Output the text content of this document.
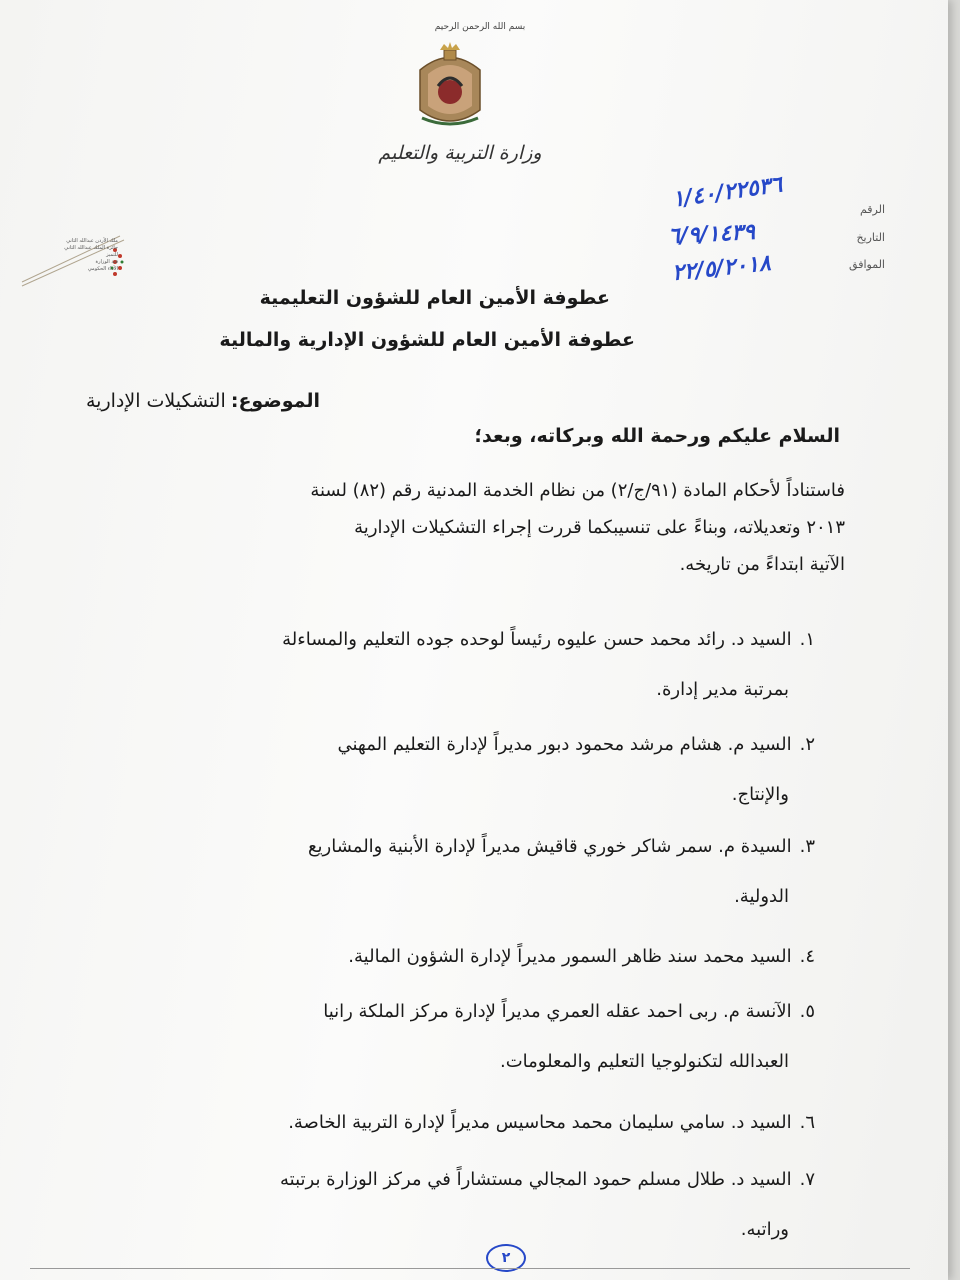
بسم الله الرحمن الرحيم
وزارة التربية والتعليم
الرقم
التاريخ
الموافق
١/٤٠/٢٢٥٣٦
٦/٩/١٤٣٩
٢٢/٥/٢٠١٨
ملك الأردن عبدالله الثاني
جائزة الملك عبدالله الثاني
للتميز
فئة الوزارة
الأداء الحكومي
عطوفة الأمين العام للشؤون التعليمية
عطوفة الأمين العام للشؤون الإدارية والمالية
الموضوع: التشكيلات الإدارية
السلام عليكم ورحمة الله وبركاته، وبعد؛
فاستناداً لأحكام المادة (٩١/ج/٢) من نظام الخدمة المدنية رقم (٨٢) لسنة
٢٠١٣ وتعديلاته، وبناءً على تنسيبكما قررت إجراء التشكيلات الإدارية
الآتية ابتداءً من تاريخه.
١.السيد د. رائد محمد حسن عليوه رئيساً لوحده جوده التعليم والمساءلة
بمرتبة مدير إدارة.
٢.السيد م. هشام مرشد محمود دبور مديراً لإدارة التعليم المهني
والإنتاج.
٣.السيدة م. سمر شاكر خوري قاقيش مديراً لإدارة الأبنية والمشاريع
الدولية.
٤.السيد محمد سند ظاهر السمور مديراً لإدارة الشؤون المالية.
٥.الآنسة م. ربى احمد عقله العمري مديراً لإدارة مركز الملكة رانيا
العبدالله لتكنولوجيا التعليم والمعلومات.
٦.السيد د. سامي سليمان محمد محاسيس مديراً لإدارة التربية الخاصة.
٧.السيد د. طلال مسلم حمود المجالي مستشاراً في مركز الوزارة برتبته
وراتبه.
٢
